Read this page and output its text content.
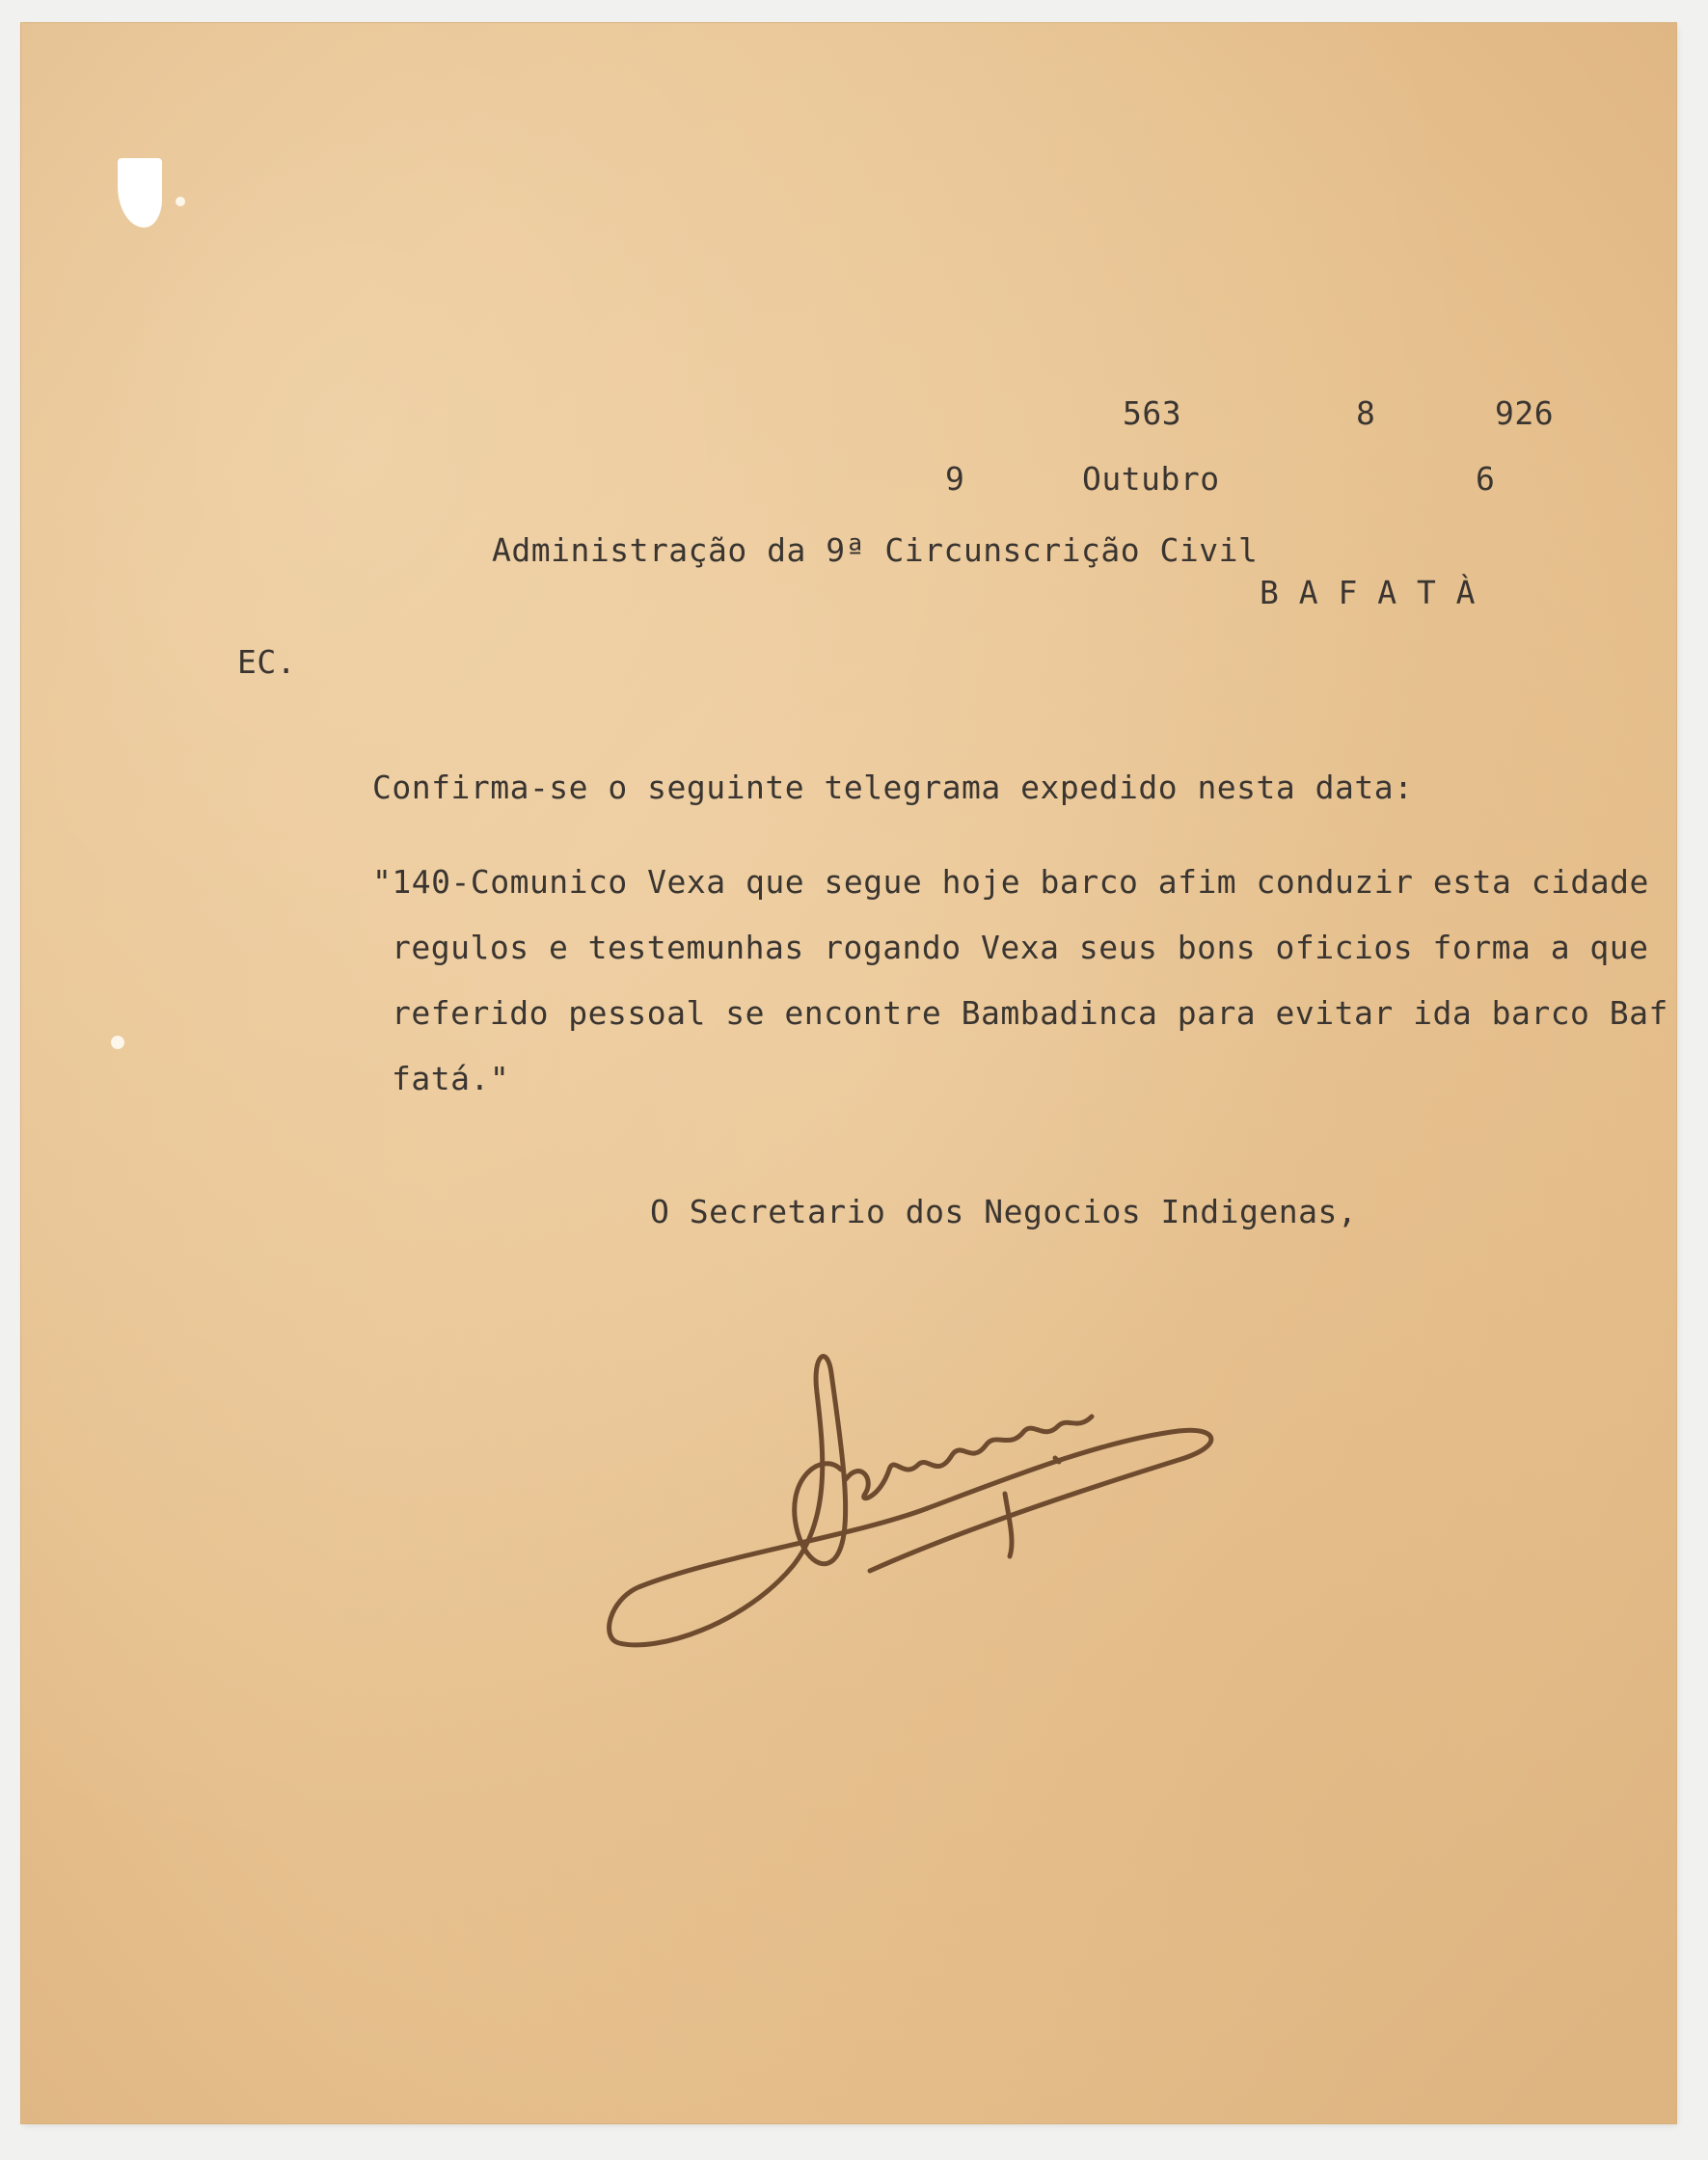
563	8	926
9	Outubro	6
Administração da 9ª Circunscrição Civil
B A F A T À
EC.
Confirma-se o seguinte telegrama expedido nesta data:
"140-Comunico Vexa que segue hoje barco afim conduzir esta cidade
regulos e testemunhas rogando Vexa seus bons oficios forma a que
referido pessoal se encontre Bambadinca para evitar ida barco Baf
fatá."
O Secretario dos Negocios Indigenas,
